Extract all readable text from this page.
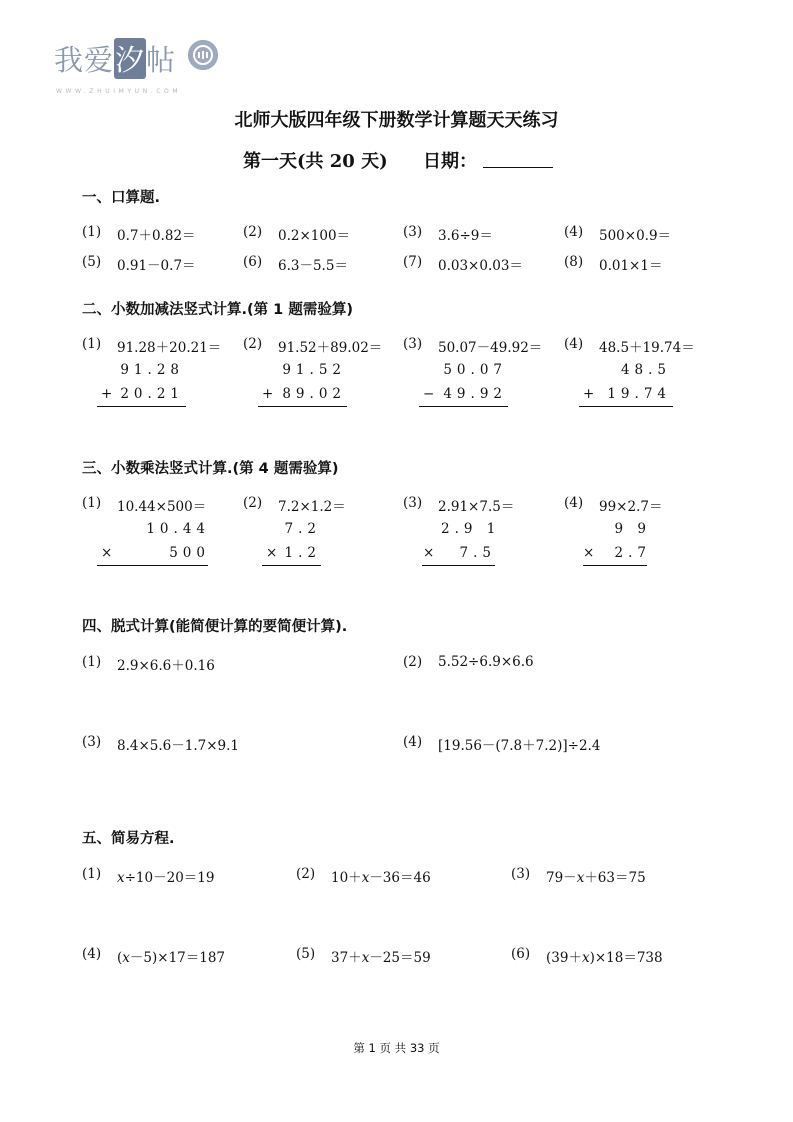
我爱汐帖
WWW.ZHUIMYUN.COM
北师大版四年级下册数学计算题天天练习
第一天(共 20 天) 日期：
一、口算题.
(1) 0.7＋0.82＝	(2) 0.2×100＝	(3) 3.6÷9＝	(4) 500×0.9＝
(5) 0.91－0.7＝	(6) 6.3－5.5＝	(7) 0.03×0.03＝	(8) 0.01×1＝
二、小数加减法竖式计算.(第 1 题需验算)
(1) 91.28＋20.21＝
91.28
+ 20.21
(2) 91.52＋89.02＝
91.52
+ 89.02
(3) 50.07－49.92＝
50.07
− 49.92
(4) 48.5＋19.74＝
48.5
+ 19.74
三、小数乘法竖式计算.(第 4 题需验算)
(1) 10.44×500＝
10.44
×	500
(2) 7.2×1.2＝
7.2
× 1.2
(3) 2.91×7.5＝
2.9 1
×	7.5
(4) 99×2.7＝
9 9
×	2.7
四、脱式计算(能简便计算的要简便计算).
(1) 2.9×6.6＋0.16	(2) 5.52÷6.9×6.6
(3) 8.4×5.6－1.7×9.1	(4) [19.56－(7.8＋7.2)]÷2.4
五、简易方程.
(1) x÷10－20＝19	(2) 10＋x－36＝46	(3) 79－x＋63＝75
(4) (x－5)×17＝187	(5) 37＋x－25＝59	(6) (39＋x)×18＝738
第 1 页 共 33 页
